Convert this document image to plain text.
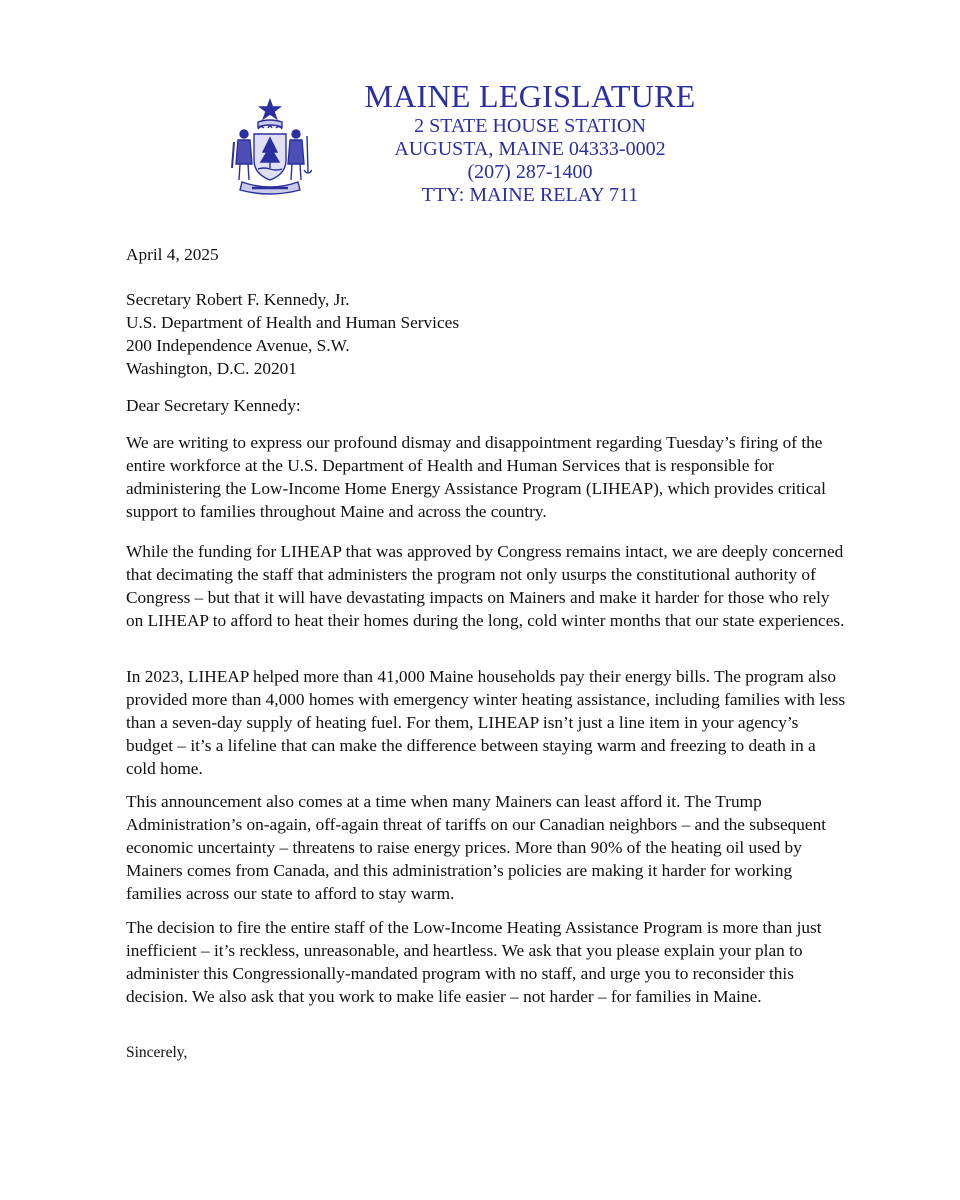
MAINE LEGISLATURE
2 STATE HOUSE STATION
AUGUSTA, MAINE 04333-0002
(207) 287-1400
TTY: MAINE RELAY 711
April 4, 2025
Secretary Robert F. Kennedy, Jr.
U.S. Department of Health and Human Services
200 Independence Avenue, S.W.
Washington, D.C. 20201
Dear Secretary Kennedy:
We are writing to express our profound dismay and disappointment regarding Tuesday’s firing of the entire workforce at the U.S. Department of Health and Human Services that is responsible for administering the Low-Income Home Energy Assistance Program (LIHEAP), which provides critical support to families throughout Maine and across the country.
While the funding for LIHEAP that was approved by Congress remains intact, we are deeply concerned that decimating the staff that administers the program not only usurps the constitutional authority of Congress – but that it will have devastating impacts on Mainers and make it harder for those who rely on LIHEAP to afford to heat their homes during the long, cold winter months that our state experiences.
In 2023, LIHEAP helped more than 41,000 Maine households pay their energy bills. The program also provided more than 4,000 homes with emergency winter heating assistance, including families with less than a seven-day supply of heating fuel. For them, LIHEAP isn’t just a line item in your agency’s budget – it’s a lifeline that can make the difference between staying warm and freezing to death in a cold home.
This announcement also comes at a time when many Mainers can least afford it. The Trump Administration’s on-again, off-again threat of tariffs on our Canadian neighbors – and the subsequent economic uncertainty – threatens to raise energy prices. More than 90% of the heating oil used by Mainers comes from Canada, and this administration’s policies are making it harder for working families across our state to afford to stay warm.
The decision to fire the entire staff of the Low-Income Heating Assistance Program is more than just inefficient – it’s reckless, unreasonable, and heartless. We ask that you please explain your plan to administer this Congressionally-mandated program with no staff, and urge you to reconsider this decision. We also ask that you work to make life easier – not harder – for families in Maine.
Sincerely,
